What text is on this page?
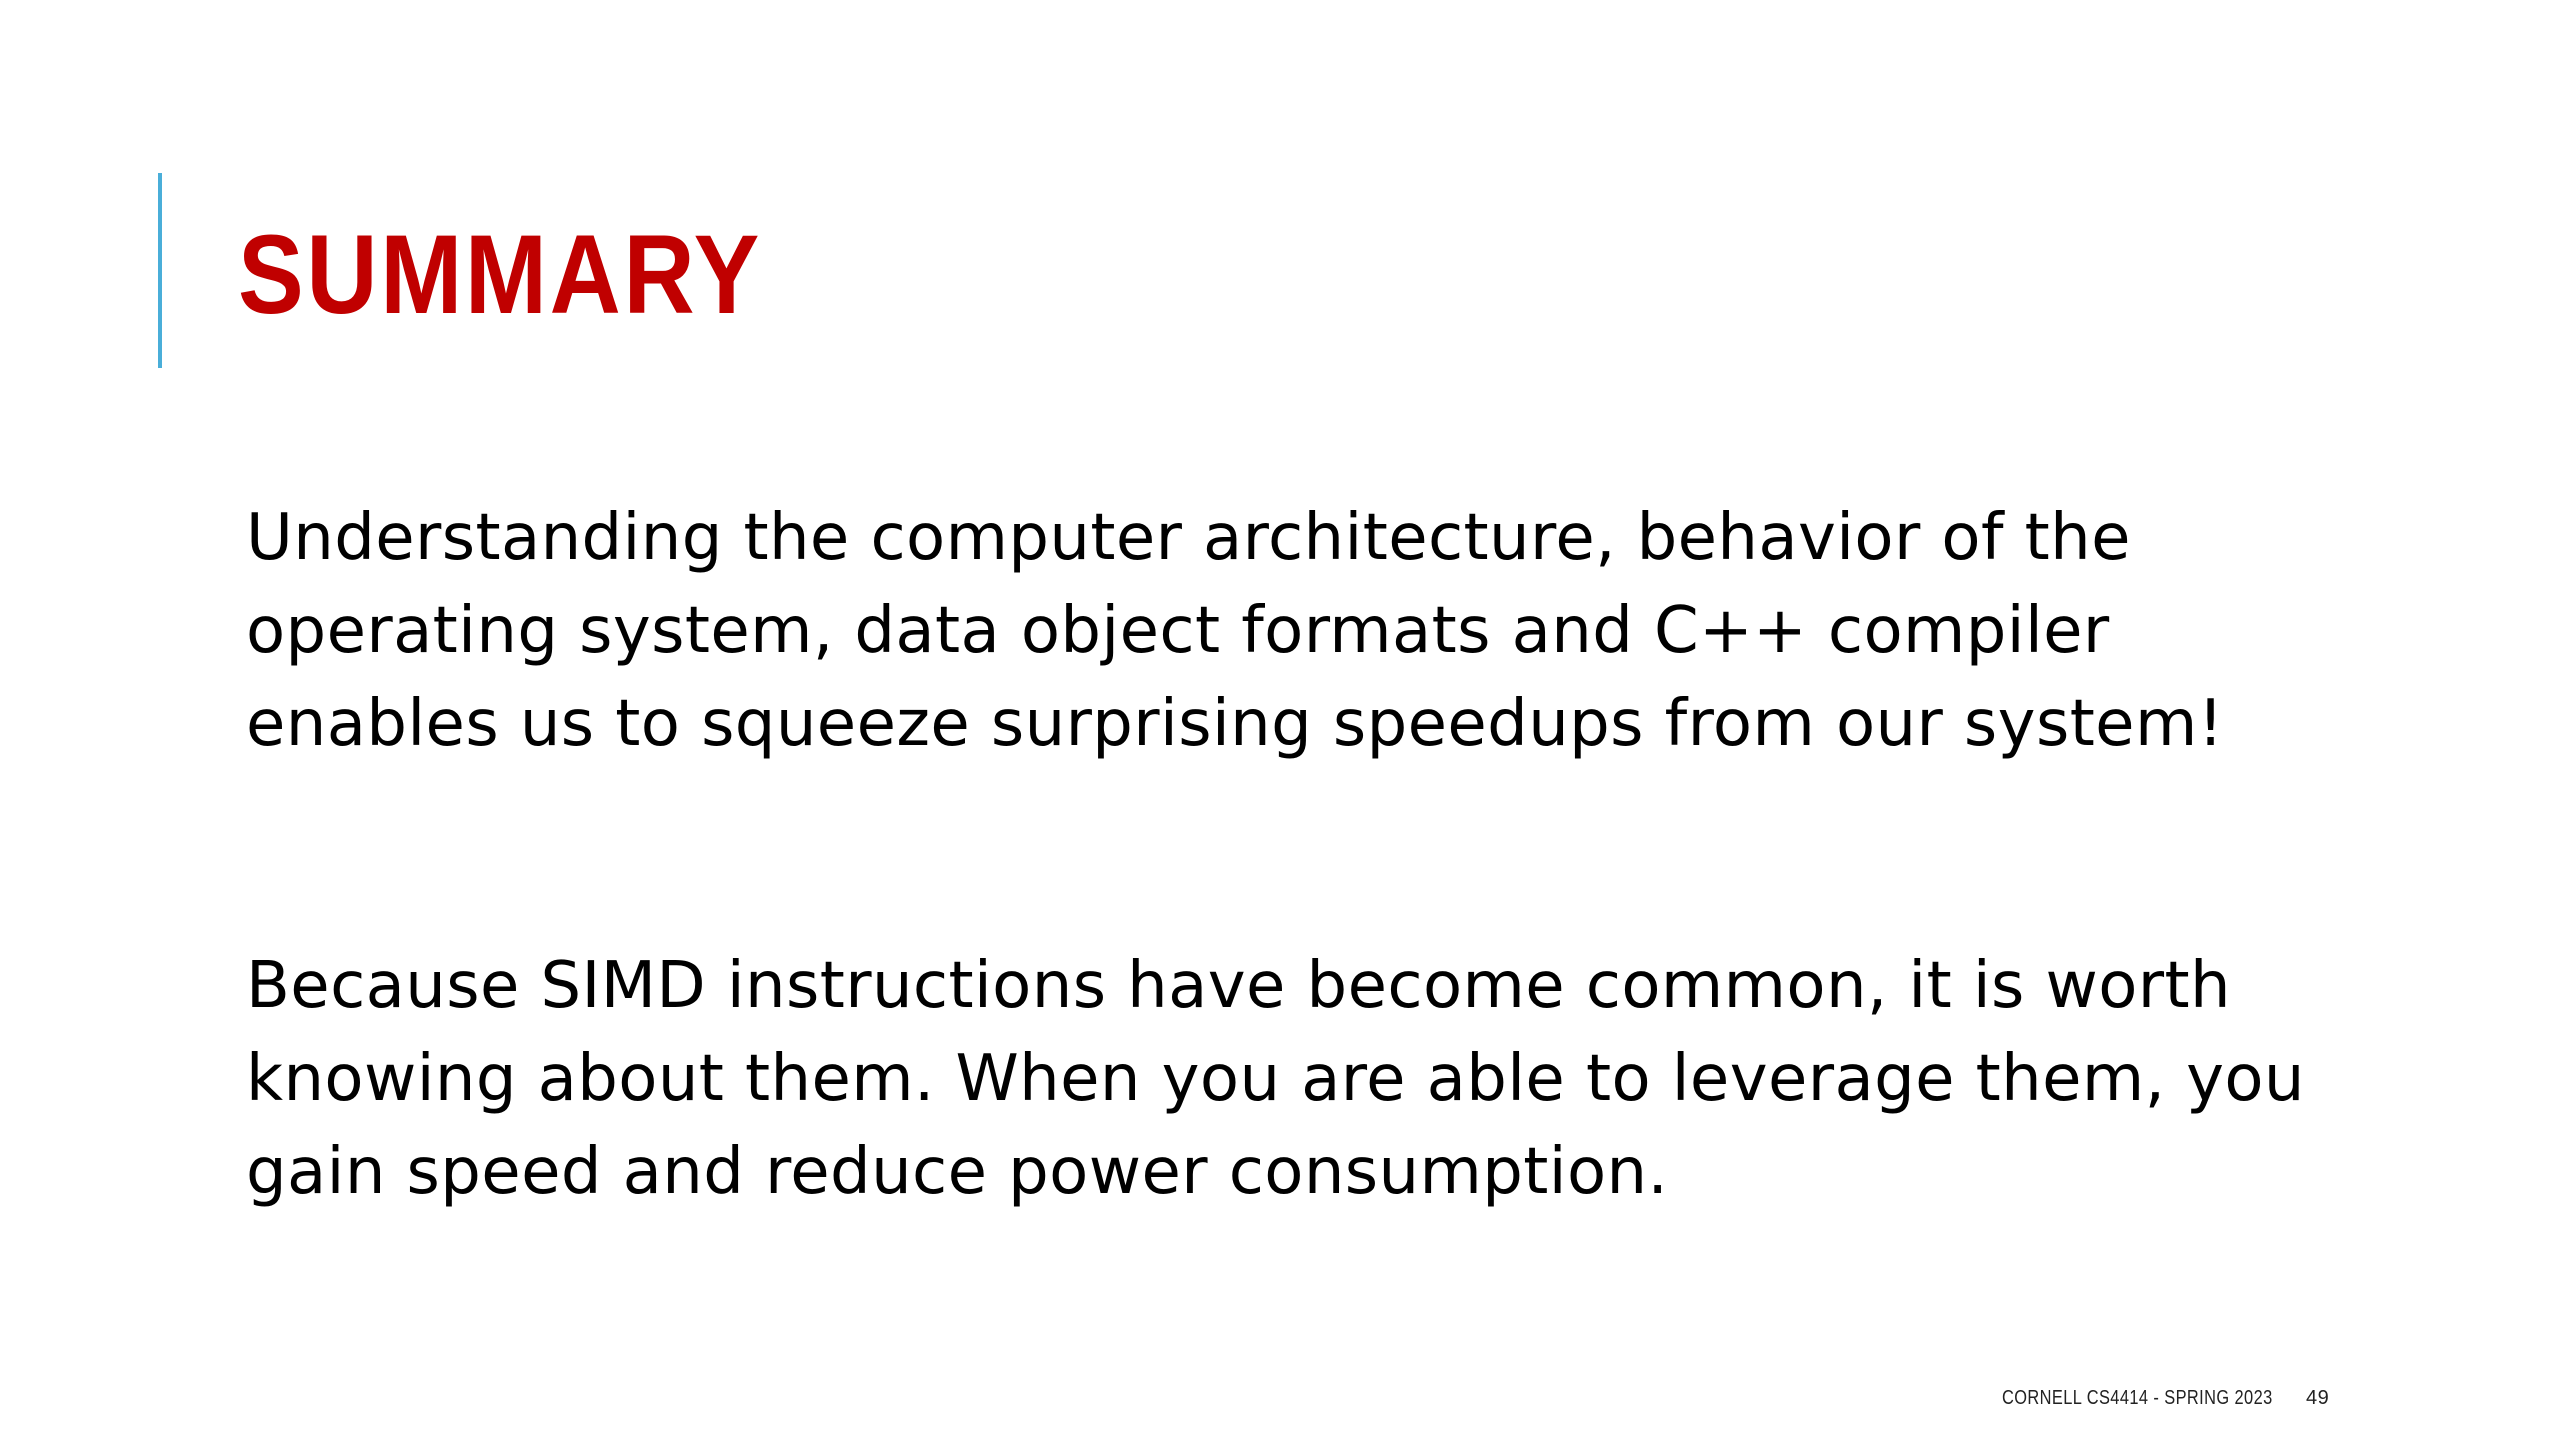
SUMMARY

Understanding the computer architecture, behavior of the
operating system, data object formats and C++ compiler
enables us to squeeze surprising speedups from our system!

Because SIMD instructions have become common, it is worth
knowing about them. When you are able to leverage them, you
gain speed and reduce power consumption.

CORNELL CS4414 - SPRING 2023 49
